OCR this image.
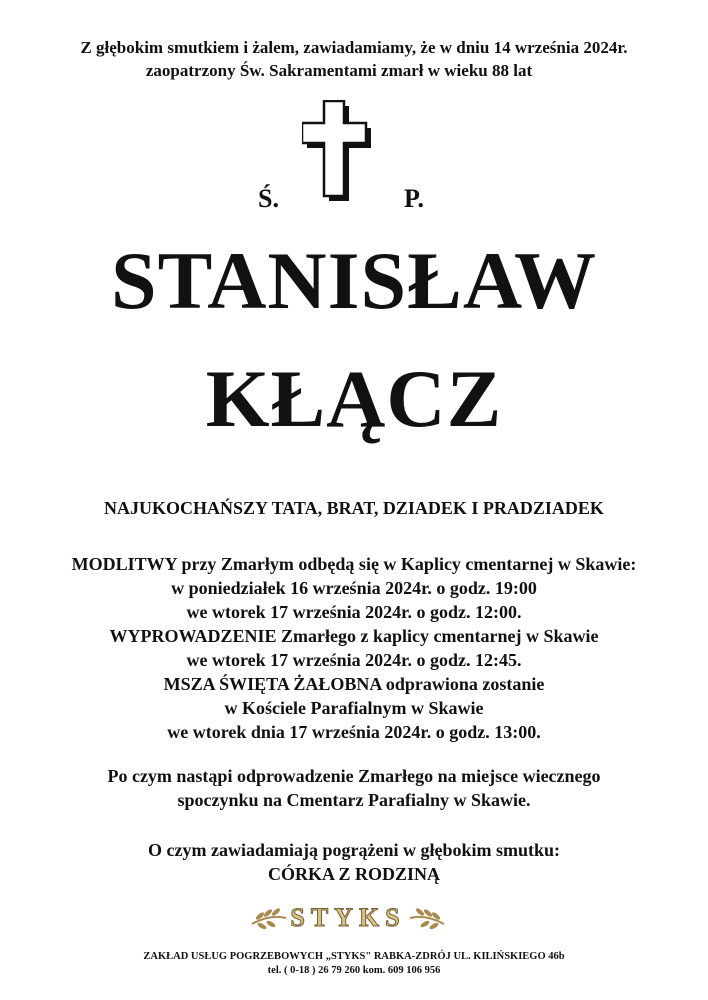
Z głębokim smutkiem i żalem, zawiadamiamy, że w dniu 14 września 2024r.
zaopatrzony Św. Sakramentami zmarł w wieku 88 lat
Ś.	P.
STANISŁAW
KŁĄCZ
NAJUKOCHAŃSZY TATA, BRAT, DZIADEK I PRADZIADEK
MODLITWY przy Zmarłym odbędą się w Kaplicy cmentarnej w Skawie:
w poniedziałek 16 września 2024r. o godz. 19:00
we wtorek 17 września 2024r. o godz. 12:00.
WYPROWADZENIE Zmarłego z kaplicy cmentarnej w Skawie
we wtorek 17 września 2024r. o godz. 12:45.
MSZA ŚWIĘTA ŻAŁOBNA odprawiona zostanie
w Kościele Parafialnym w Skawie
we wtorek dnia 17 września 2024r. o godz. 13:00.
Po czym nastąpi odprowadzenie Zmarłego na miejsce wiecznego
spoczynku na Cmentarz Parafialny w Skawie.
O czym zawiadamiają pogrążeni w głębokim smutku:
CÓRKA Z RODZINĄ
STYKS
ZAKŁAD USŁUG POGRZEBOWYCH „STYKS" RABKA-ZDRÓJ UL. KILIŃSKIEGO 46b
tel. ( 0-18 ) 26 79 260 kom. 609 106 956
